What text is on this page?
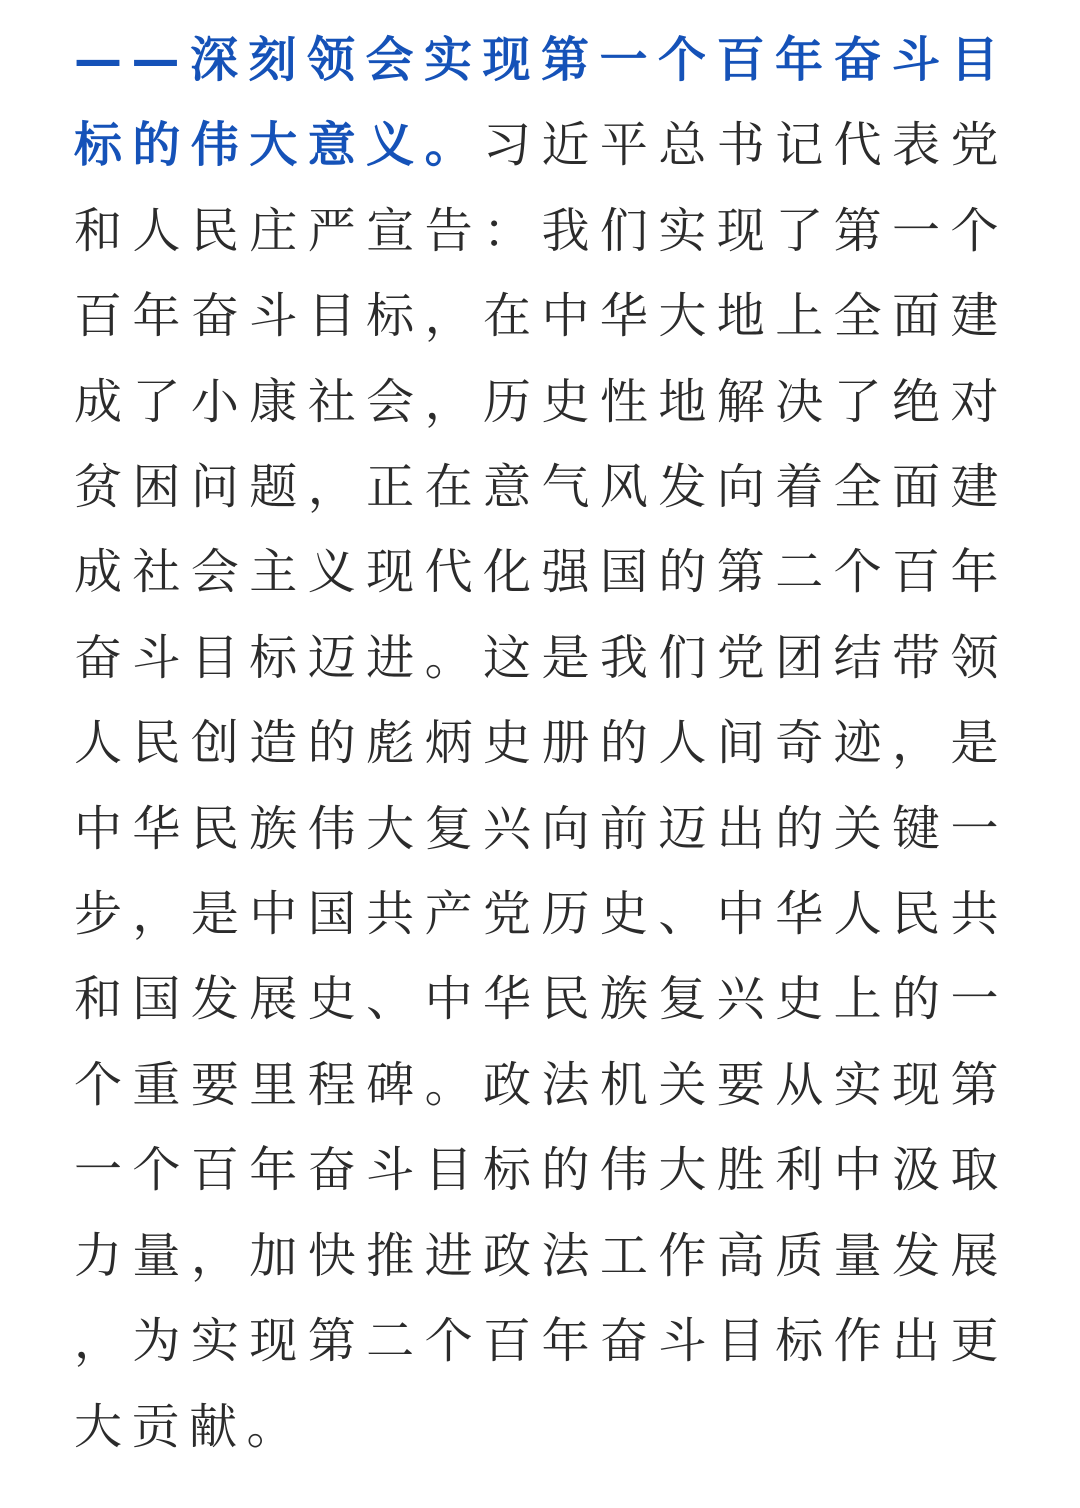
——深刻领会实现第一个百年奋斗目标的伟大意义。习近平总书记代表党和人民庄严宣告：我们实现了第一个百年奋斗目标，在中华大地上全面建成了小康社会，历史性地解决了绝对贫困问题，正在意气风发向着全面建成社会主义现代化强国的第二个百年奋斗目标迈进。这是我们党团结带领人民创造的彪炳史册的人间奇迹，是中华民族伟大复兴向前迈出的关键一步，是中国共产党历史、中华人民共和国发展史、中华民族复兴史上的一个重要里程碑。政法机关要从实现第一个百年奋斗目标的伟大胜利中汲取力量，加快推进政法工作高质量发展，为实现第二个百年奋斗目标作出更大贡献。
